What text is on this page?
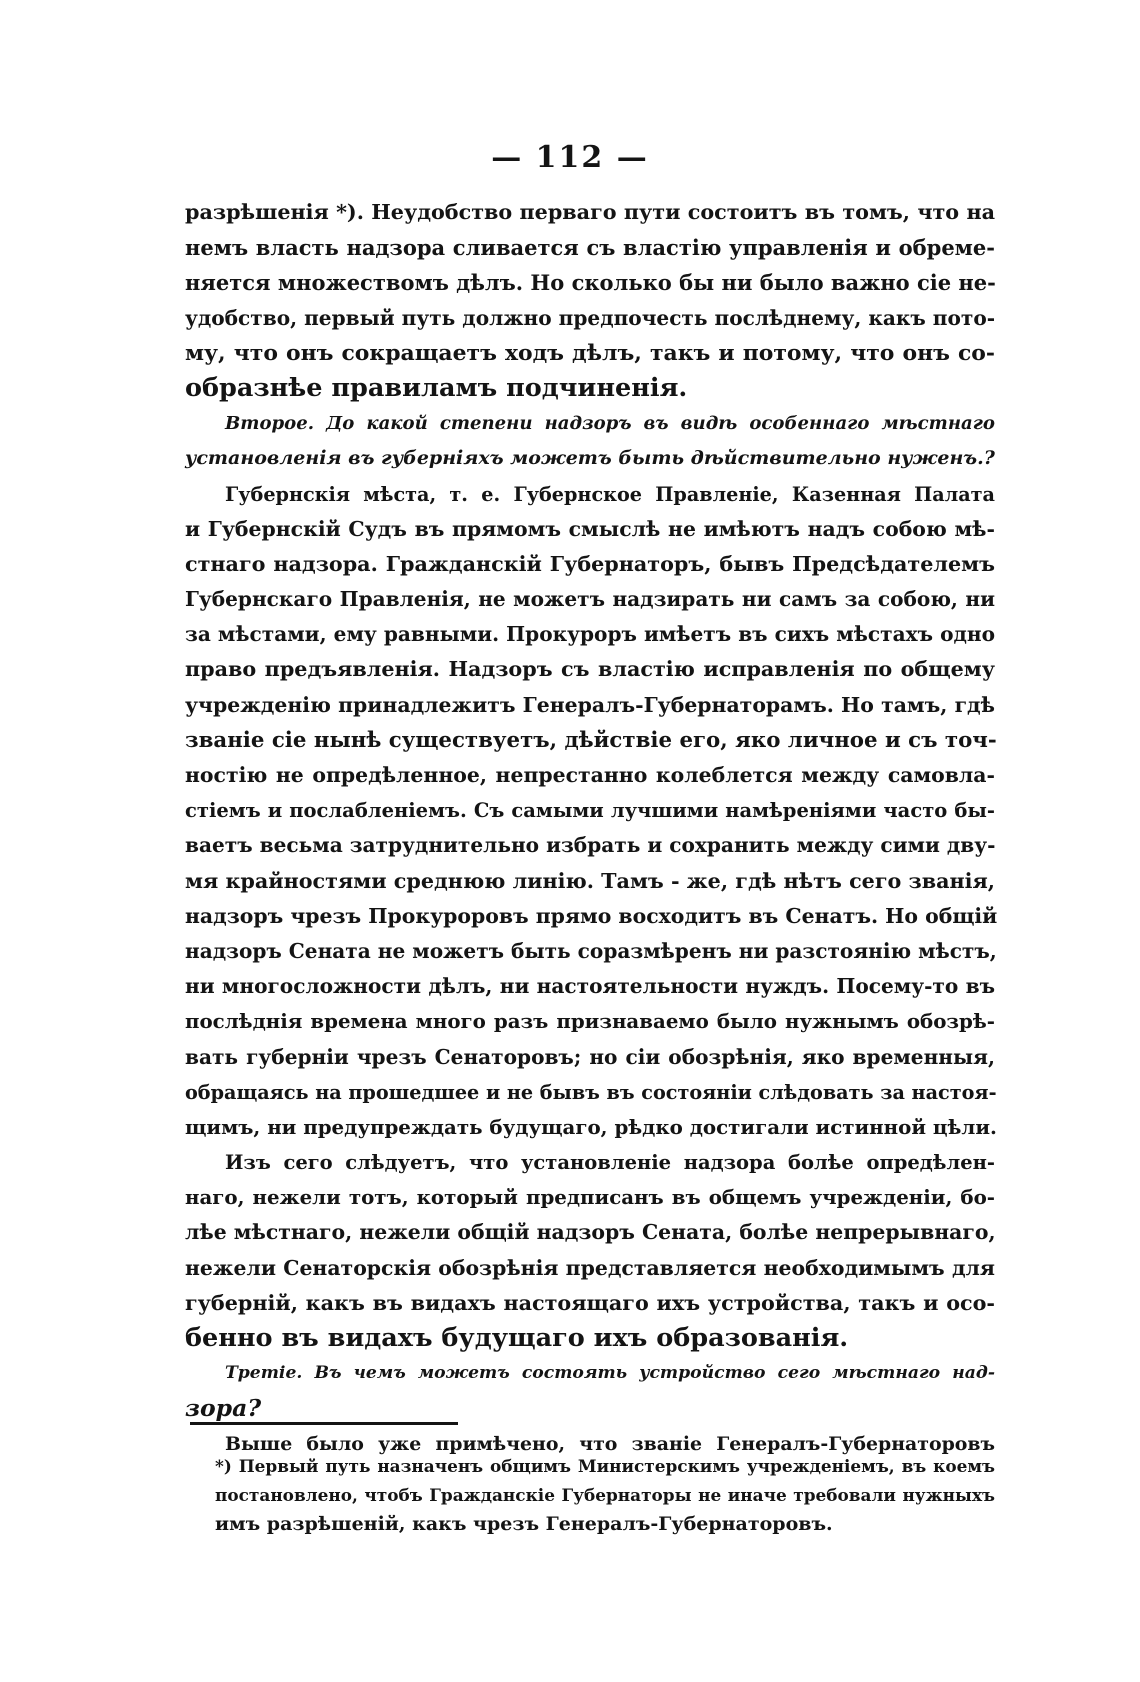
— 112 —
разрѣшенія *). Неудобство перваго пути состоитъ въ томъ, что на
немъ власть надзора сливается съ властію управленія и обреме-
няется множествомъ дѣлъ. Но сколько бы ни было важно сіе не-
удобство, первый путь должно предпочесть послѣднему, какъ пото-
му, что онъ сокращаетъ ходъ дѣлъ, такъ и потому, что онъ со-
образнѣе правиламъ подчиненія.
Второе. До какой степени надзоръ въ видѣ особеннаго мѣстнаго
установленія въ губерніяхъ можетъ быть дѣйствительно нуженъ.?
Губернскія мѣста, т. е. Губернское Правленіе, Казенная Палата
и Губернскій Судъ въ прямомъ смыслѣ не имѣютъ надъ собою мѣ-
стнаго надзора. Гражданскій Губернаторъ, бывъ Предсѣдателемъ
Губернскаго Правленія, не можетъ надзирать ни самъ за собою, ни
за мѣстами, ему равными. Прокуроръ имѣетъ въ сихъ мѣстахъ одно
право предъявленія. Надзоръ съ властію исправленія по общему
учрежденію принадлежитъ Генералъ-Губернаторамъ. Но тамъ, гдѣ
званіе сіе нынѣ существуетъ, дѣйствіе его, яко личное и съ точ-
ностію не опредѣленное, непрестанно колеблется между самовла-
стіемъ и послабленіемъ. Съ самыми лучшими намѣреніями часто бы-
ваетъ весьма затруднительно избрать и сохранить между сими дву-
мя крайностями среднюю линію. Тамъ - же, гдѣ нѣтъ сего званія,
надзоръ чрезъ Прокуроровъ прямо восходитъ въ Сенатъ. Но общій
надзоръ Сената не можетъ быть соразмѣренъ ни разстоянію мѣстъ,
ни многосложности дѣлъ, ни настоятельности нуждъ. Посему-то въ
послѣднія времена много разъ признаваемо было нужнымъ обозрѣ-
вать губерніи чрезъ Сенаторовъ; но сіи обозрѣнія, яко временныя,
обращаясь на прошедшее и не бывъ въ состояніи слѣдовать за настоя-
щимъ, ни предупреждать будущаго, рѣдко достигали истинной цѣли.
Изъ сего слѣдуетъ, что установленіе надзора болѣе опредѣлен-
наго, нежели тотъ, который предписанъ въ общемъ учрежденіи, бо-
лѣе мѣстнаго, нежели общій надзоръ Сената, болѣе непрерывнаго,
нежели Сенаторскія обозрѣнія представляется необходимымъ для
губерній, какъ въ видахъ настоящаго ихъ устройства, такъ и осо-
бенно въ видахъ будущаго ихъ образованія.
Третіе. Въ чемъ можетъ состоять устройство сего мѣстнаго над-
зора?
Выше было уже примѣчено, что званіе Генералъ-Губернаторовъ
*) Первый путь назначенъ общимъ Министерскимъ учрежденіемъ, въ коемъ
постановлено, чтобъ Гражданскіе Губернаторы не иначе требовали нужныхъ
имъ разрѣшеній, какъ чрезъ Генералъ-Губернаторовъ.
